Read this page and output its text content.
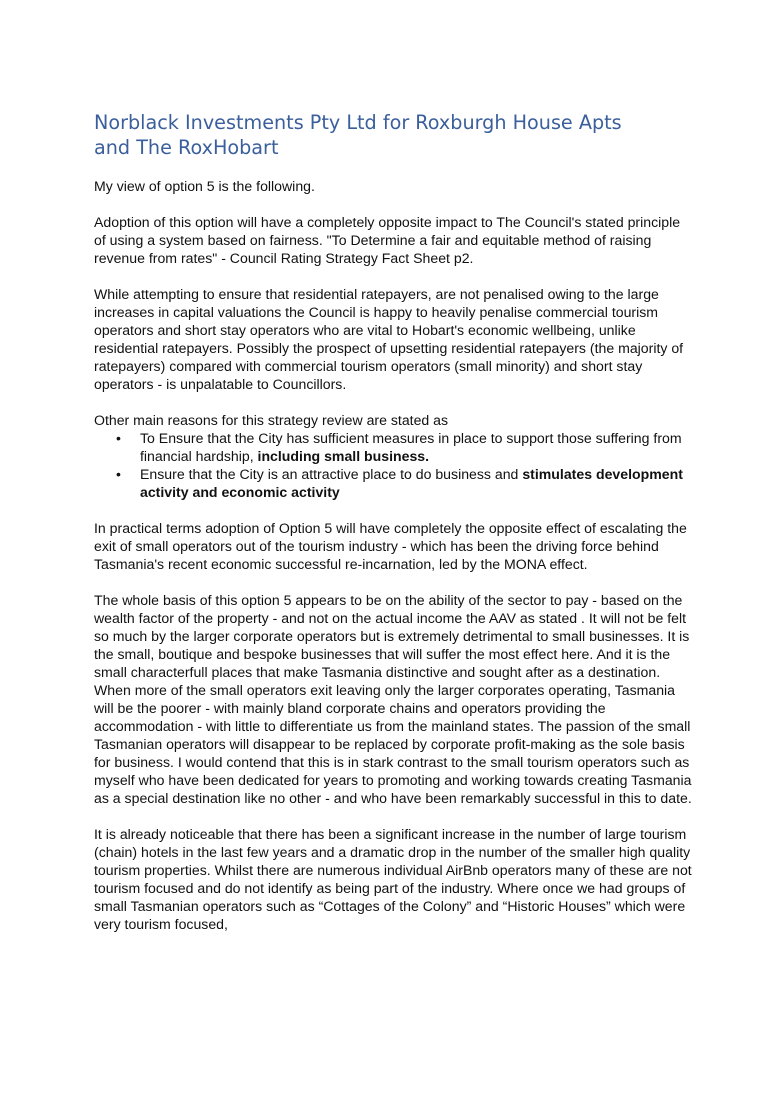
Norblack Investments Pty Ltd for Roxburgh House Apts and The RoxHobart

My view of option 5 is the following.

Adoption of this option will have a completely opposite impact to The Council's stated principle of using a system based on fairness. "To Determine a fair and equitable method of raising revenue from rates" - Council Rating Strategy Fact Sheet p2.

While attempting to ensure that residential ratepayers, are not penalised owing to the large increases in capital valuations the Council is happy to heavily penalise commercial tourism operators and short stay operators who are vital to Hobart's economic wellbeing, unlike residential ratepayers. Possibly the prospect of upsetting residential ratepayers (the majority of ratepayers) compared with commercial tourism operators (small minority) and short stay operators - is unpalatable to Councillors.

Other main reasons for this strategy review are stated as

• To Ensure that the City has sufficient measures in place to support those suffering from financial hardship, including small business.
• Ensure that the City is an attractive place to do business and stimulates development activity and economic activity

In practical terms adoption of Option 5 will have completely the opposite effect of escalating the exit of small operators out of the tourism industry - which has been the driving force behind Tasmania's recent economic successful re-incarnation, led by the MONA effect.

The whole basis of this option 5 appears to be on the ability of the sector to pay - based on the wealth factor of the property - and not on the actual income the AAV as stated . It will not be felt so much by the larger corporate operators but is extremely detrimental to small businesses. It is the small, boutique and bespoke businesses that will suffer the most effect here. And it is the small characterfull places that make Tasmania distinctive and sought after as a destination. When more of the small operators exit leaving only the larger corporates operating, Tasmania will be the poorer - with mainly bland corporate chains and operators providing the accommodation - with little to differentiate us from the mainland states. The passion of the small Tasmanian operators will disappear to be replaced by corporate profit-making as the sole basis for business. I would contend that this is in stark contrast to the small tourism operators such as myself who have been dedicated for years to promoting and working towards creating Tasmania as a special destination like no other - and who have been remarkably successful in this to date.

It is already noticeable that there has been a significant increase in the number of large tourism (chain) hotels in the last few years and a dramatic drop in the number of the smaller high quality tourism properties. Whilst there are numerous individual AirBnb operators many of these are not tourism focused and do not identify as being part of the industry. Where once we had groups of small Tasmanian operators such as “Cottages of the Colony” and “Historic Houses” which were very tourism focused,
